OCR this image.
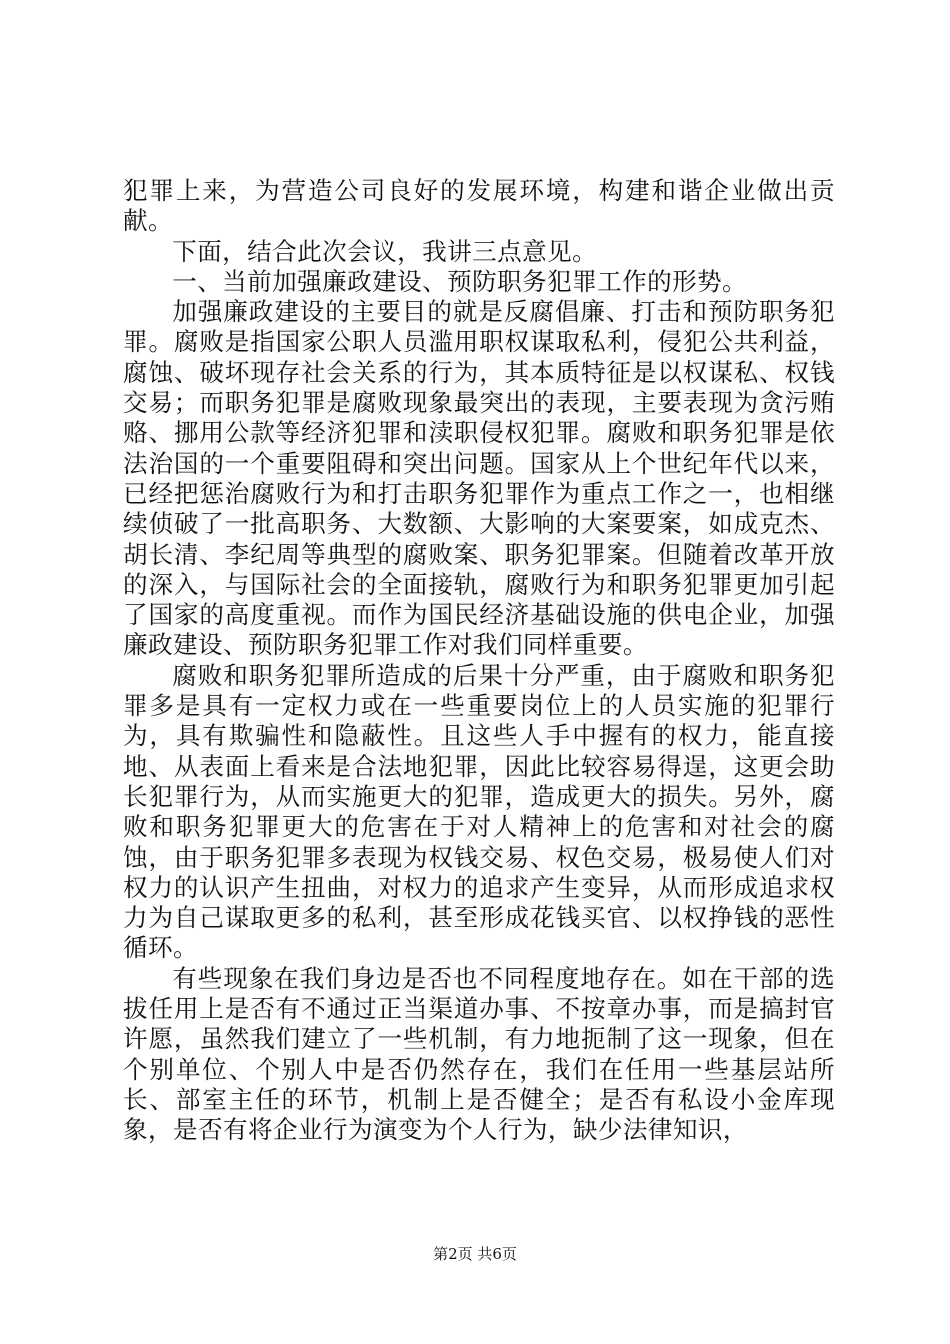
犯罪上来，为营造公司良好的发展环境，构建和谐企业做出贡献。

下面，结合此次会议，我讲三点意见。

一、当前加强廉政建设、预防职务犯罪工作的形势。

加强廉政建设的主要目的就是反腐倡廉、打击和预防职务犯罪。腐败是指国家公职人员滥用职权谋取私利，侵犯公共利益，腐蚀、破坏现存社会关系的行为，其本质特征是以权谋私、权钱交易；而职务犯罪是腐败现象最突出的表现，主要表现为贪污贿赂、挪用公款等经济犯罪和渎职侵权犯罪。腐败和职务犯罪是依法治国的一个重要阻碍和突出问题。国家从上个世纪年代以来，已经把惩治腐败行为和打击职务犯罪作为重点工作之一，也相继续侦破了一批高职务、大数额、大影响的大案要案，如成克杰、胡长清、李纪周等典型的腐败案、职务犯罪案。但随着改革开放的深入，与国际社会的全面接轨，腐败行为和职务犯罪更加引起了国家的高度重视。而作为国民经济基础设施的供电企业，加强廉政建设、预防职务犯罪工作对我们同样重要。

腐败和职务犯罪所造成的后果十分严重，由于腐败和职务犯罪多是具有一定权力或在一些重要岗位上的人员实施的犯罪行为，具有欺骗性和隐蔽性。且这些人手中握有的权力，能直接地、从表面上看来是合法地犯罪，因此比较容易得逞，这更会助长犯罪行为，从而实施更大的犯罪，造成更大的损失。另外，腐败和职务犯罪更大的危害在于对人精神上的危害和对社会的腐蚀，由于职务犯罪多表现为权钱交易、权色交易，极易使人们对权力的认识产生扭曲，对权力的追求产生变异，从而形成追求权力为自己谋取更多的私利，甚至形成花钱买官、以权挣钱的恶性循环。

有些现象在我们身边是否也不同程度地存在。如在干部的选拔任用上是否有不通过正当渠道办事、不按章办事，而是搞封官许愿，虽然我们建立了一些机制，有力地扼制了这一现象，但在个别单位、个别人中是否仍然存在，我们在任用一些基层站所长、部室主任的环节，机制上是否健全；是否有私设小金库现象，是否有将企业行为演变为个人行为，缺少法律知识，

第2页 共6页
